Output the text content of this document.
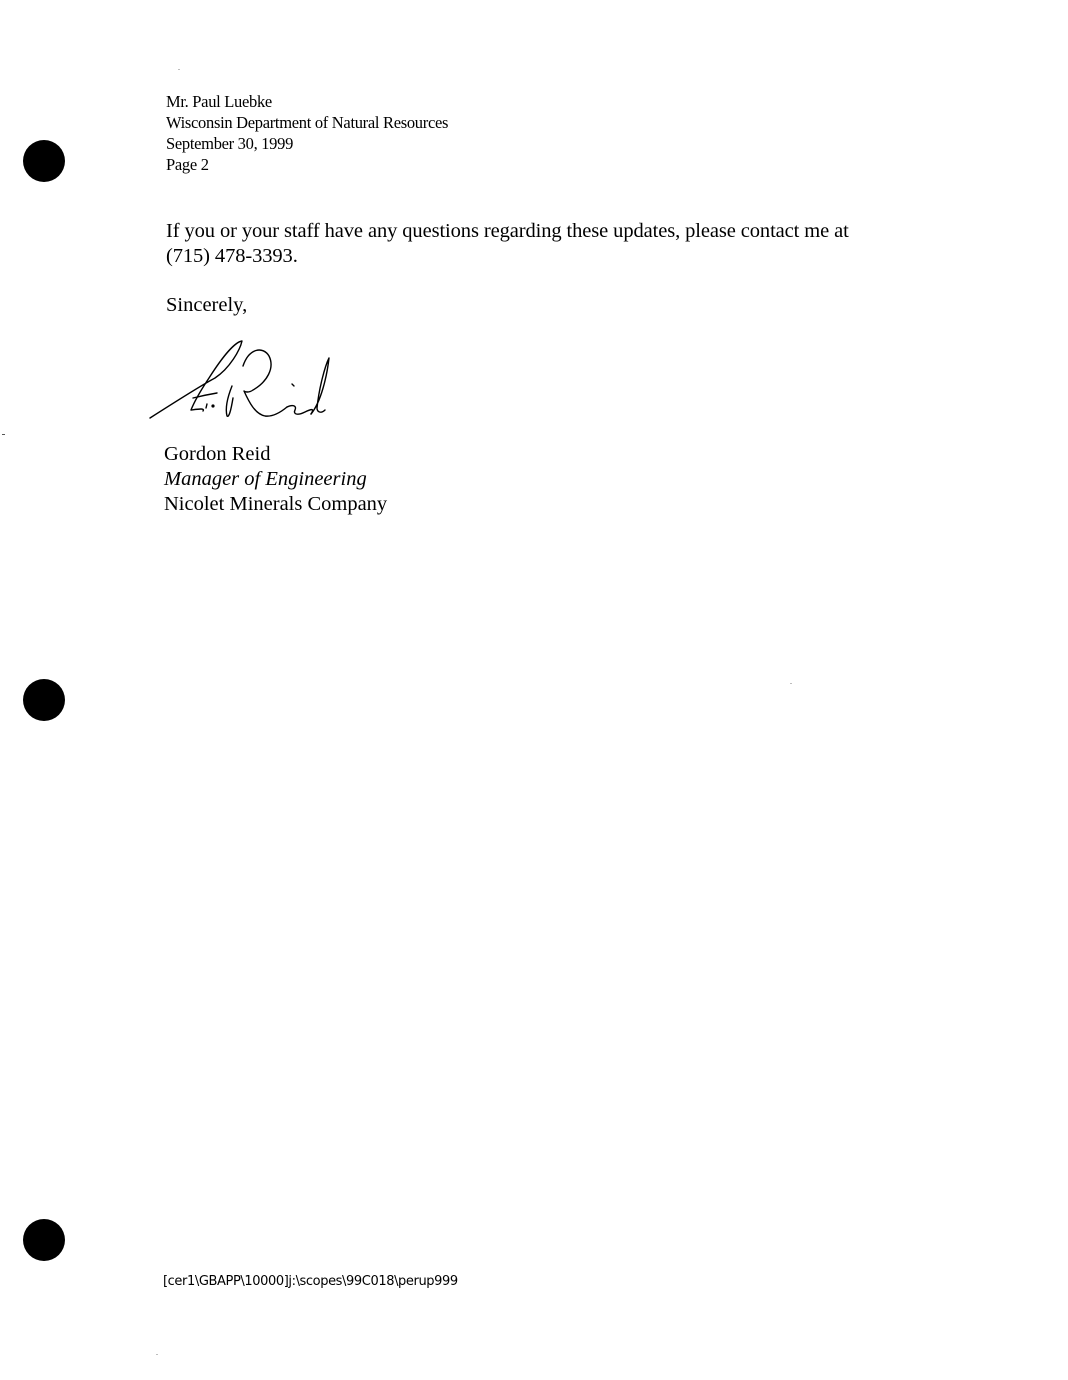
Mr. Paul Luebke
Wisconsin Department of Natural Resources
September 30, 1999
Page 2
If you or your staff have any questions regarding these updates, please contact me at
(715) 478-3393.
Sincerely,
Gordon Reid
Manager of Engineering
Nicolet Minerals Company
[cer1\GBAPP\10000]j:\scopes\99C018\perup999
